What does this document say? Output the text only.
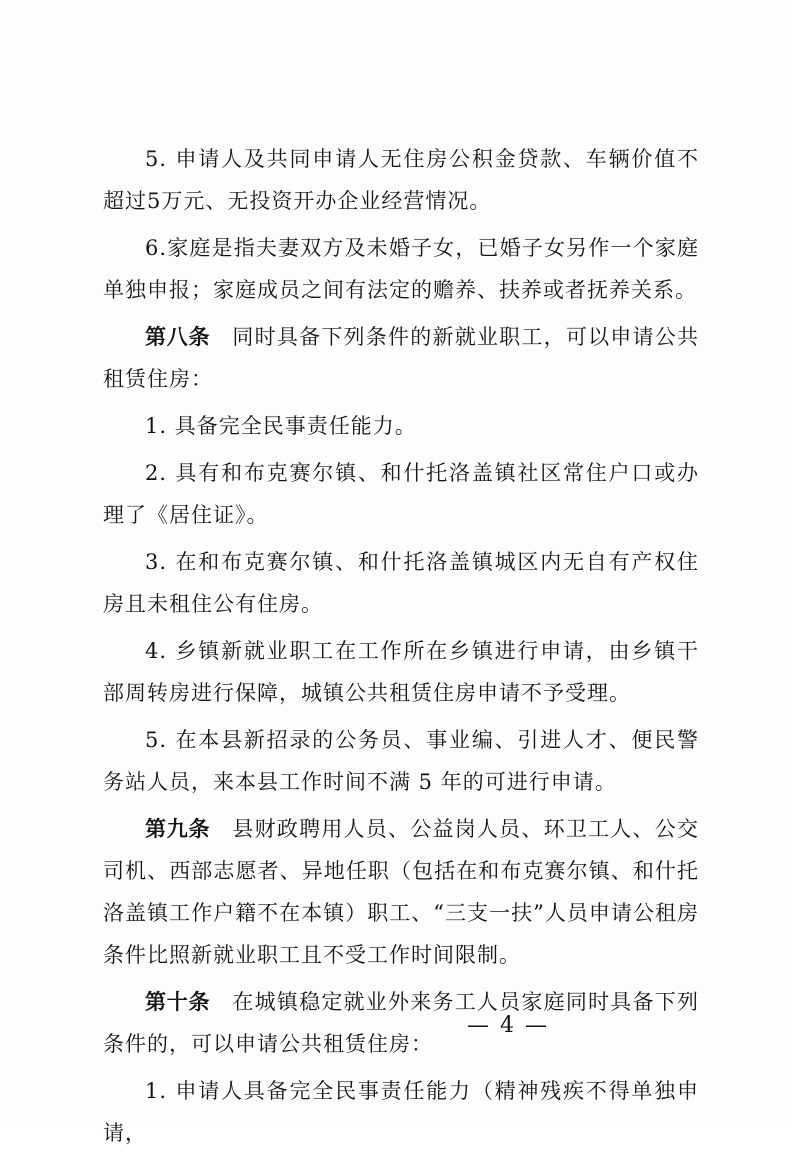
5. 申请人及共同申请人无住房公积金贷款、车辆价值不超过5万元、无投资开办企业经营情况。

6.家庭是指夫妻双方及未婚子女，已婚子女另作一个家庭单独申报；家庭成员之间有法定的赡养、扶养或者抚养关系。

第八条 同时具备下列条件的新就业职工，可以申请公共租赁住房：

1. 具备完全民事责任能力。

2. 具有和布克赛尔镇、和什托洛盖镇社区常住户口或办理了《居住证》。

3. 在和布克赛尔镇、和什托洛盖镇城区内无自有产权住房且未租住公有住房。

4. 乡镇新就业职工在工作所在乡镇进行申请，由乡镇干部周转房进行保障，城镇公共租赁住房申请不予受理。

5. 在本县新招录的公务员、事业编、引进人才、便民警务站人员，来本县工作时间不满 5 年的可进行申请。

第九条 县财政聘用人员、公益岗人员、环卫工人、公交司机、西部志愿者、异地任职（包括在和布克赛尔镇、和什托洛盖镇工作户籍不在本镇）职工、“三支一扶”人员申请公租房条件比照新就业职工且不受工作时间限制。

第十条 在城镇稳定就业外来务工人员家庭同时具备下列条件的，可以申请公共租赁住房：

1. 申请人具备完全民事责任能力（精神残疾不得单独申请，

— 4 —
